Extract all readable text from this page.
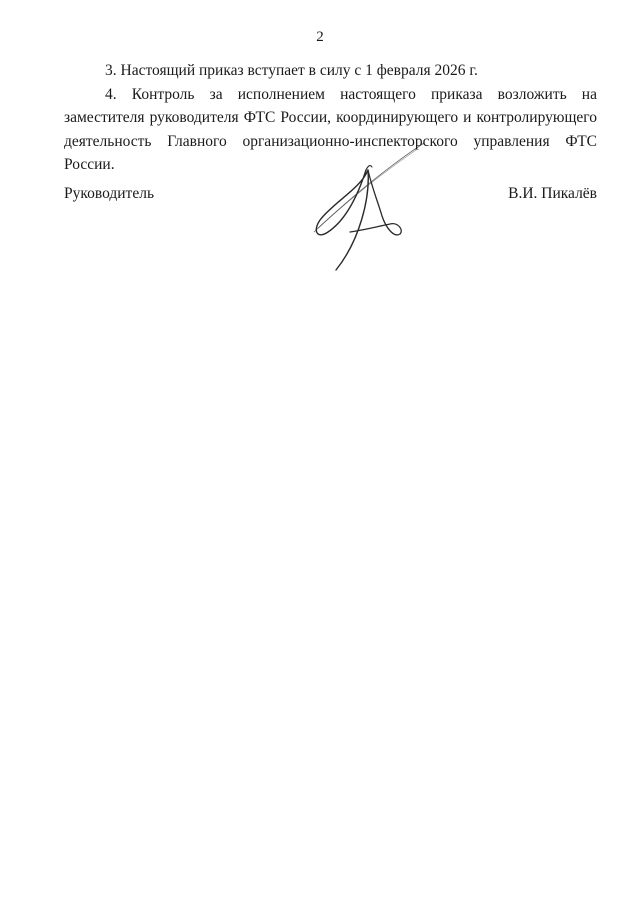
2

3. Настоящий приказ вступает в силу с 1 февраля 2026 г.

4. Контроль за исполнением настоящего приказа возложить на заместителя руководителя ФТС России, координирующего и контролирующего деятельность Главного организационно-инспекторского управления ФТС России.

Руководитель	В.И. Пикалёв
